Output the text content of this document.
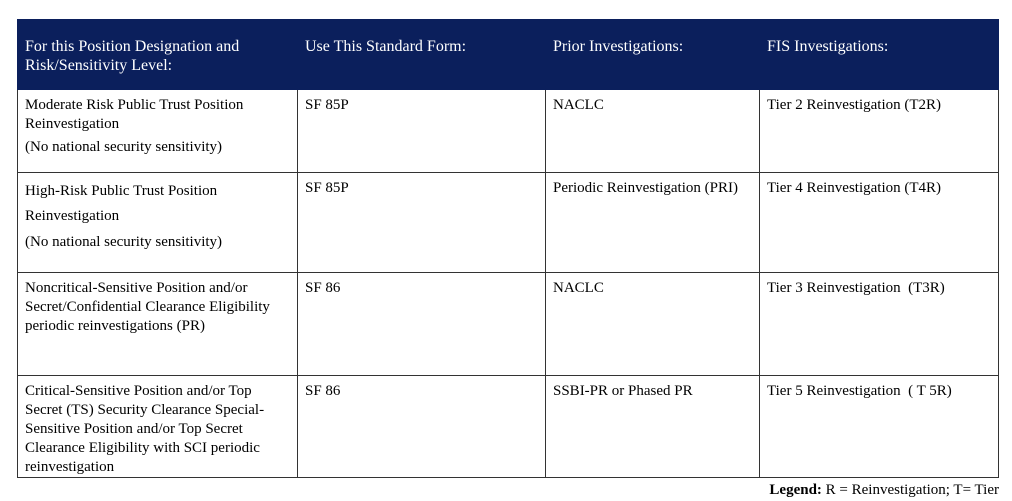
For this Position Designation and Risk/Sensitivity Level:	Use This Standard Form:	Prior Investigations:	FIS Investigations:

Moderate Risk Public Trust Position Reinvestigation
(No national security sensitivity)	SF 85P	NACLC	Tier 2 Reinvestigation (T2R)

High-Risk Public Trust Position
Reinvestigation
(No national security sensitivity)	SF 85P	Periodic Reinvestigation (PRI)	Tier 4 Reinvestigation (T4R)
Noncritical-Sensitive Position and/or Secret/Confidential Clearance Eligibility periodic reinvestigations (PR)	SF 86	NACLC	Tier 3 Reinvestigation  (T3R)
Critical-Sensitive Position and/or Top Secret (TS) Security Clearance Special-Sensitive Position and/or Top Secret Clearance Eligibility with SCI periodic reinvestigation	SF 86	SSBI-PR or Phased PR	Tier 5 Reinvestigation  ( T 5R)
Legend: R = Reinvestigation; T= Tier
